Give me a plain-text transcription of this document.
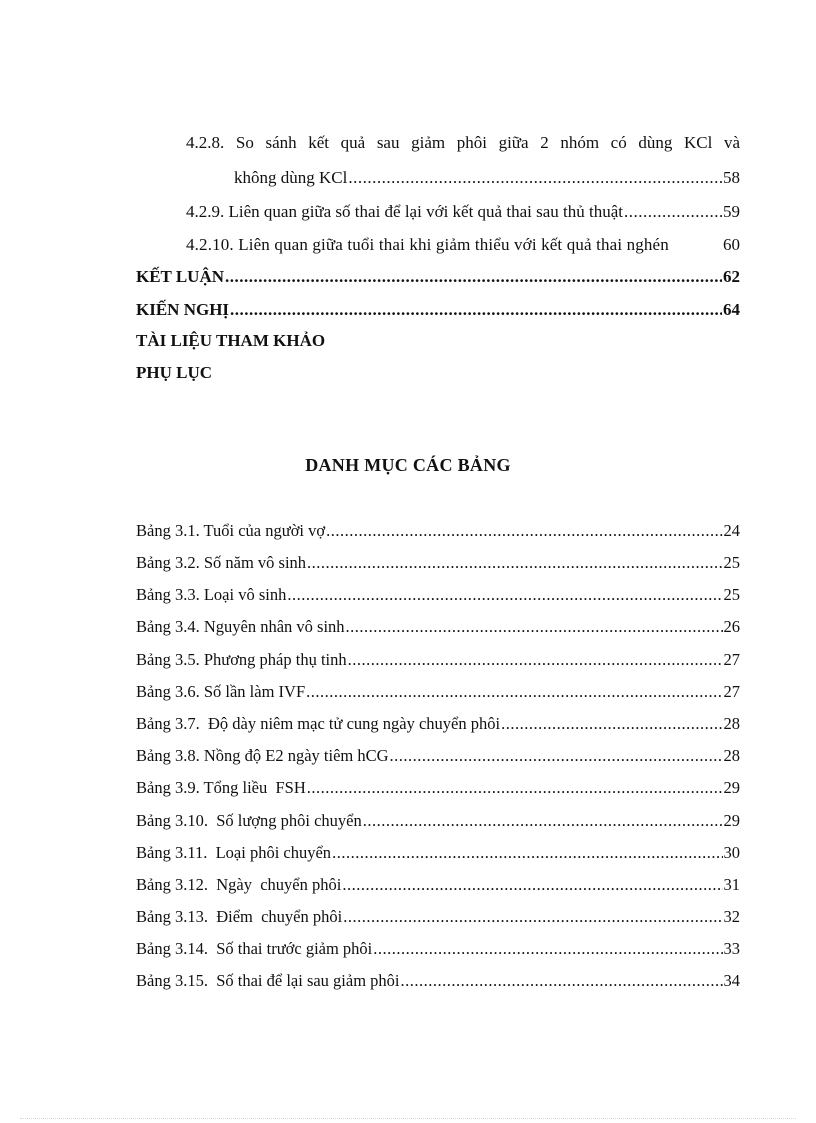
4.2.8. So sánh kết quả sau giảm phôi giữa 2 nhóm có dùng KCl và
không dùng KCl .....	58
4.2.9. Liên quan giữa số thai để lại với kết quả thai sau thủ thuật .....	59
4.2.10. Liên quan giữa tuổi thai khi giảm thiểu với kết quả thai nghén	60
KẾT LUẬN .....	62
KIẾN NGHỊ .....	64
TÀI LIỆU THAM KHẢO
PHỤ LỤC
DANH MỤC CÁC BẢNG
Bảng 3.1. Tuổi của người vợ .....	24
Bảng 3.2. Số năm vô sinh .....	25
Bảng 3.3. Loại vô sinh .....	25
Bảng 3.4. Nguyên nhân vô sinh .....	26
Bảng 3.5. Phương pháp thụ tinh .....	27
Bảng 3.6. Số lần làm IVF .....	27
Bảng 3.7.  Độ dày niêm mạc tử cung ngày chuyển phôi .....	28
Bảng 3.8. Nồng độ E2 ngày tiêm hCG .....	28
Bảng 3.9. Tổng liều  FSH .....	29
Bảng 3.10.  Số lượng phôi chuyển .....	29
Bảng 3.11.  Loại phôi chuyển .....	30
Bảng 3.12.  Ngày  chuyển phôi .....	31
Bảng 3.13.  Điểm  chuyển phôi .....	32
Bảng 3.14.  Số thai trước giảm phôi .....	33
Bảng 3.15.  Số thai để lại sau giảm phôi .....	34
